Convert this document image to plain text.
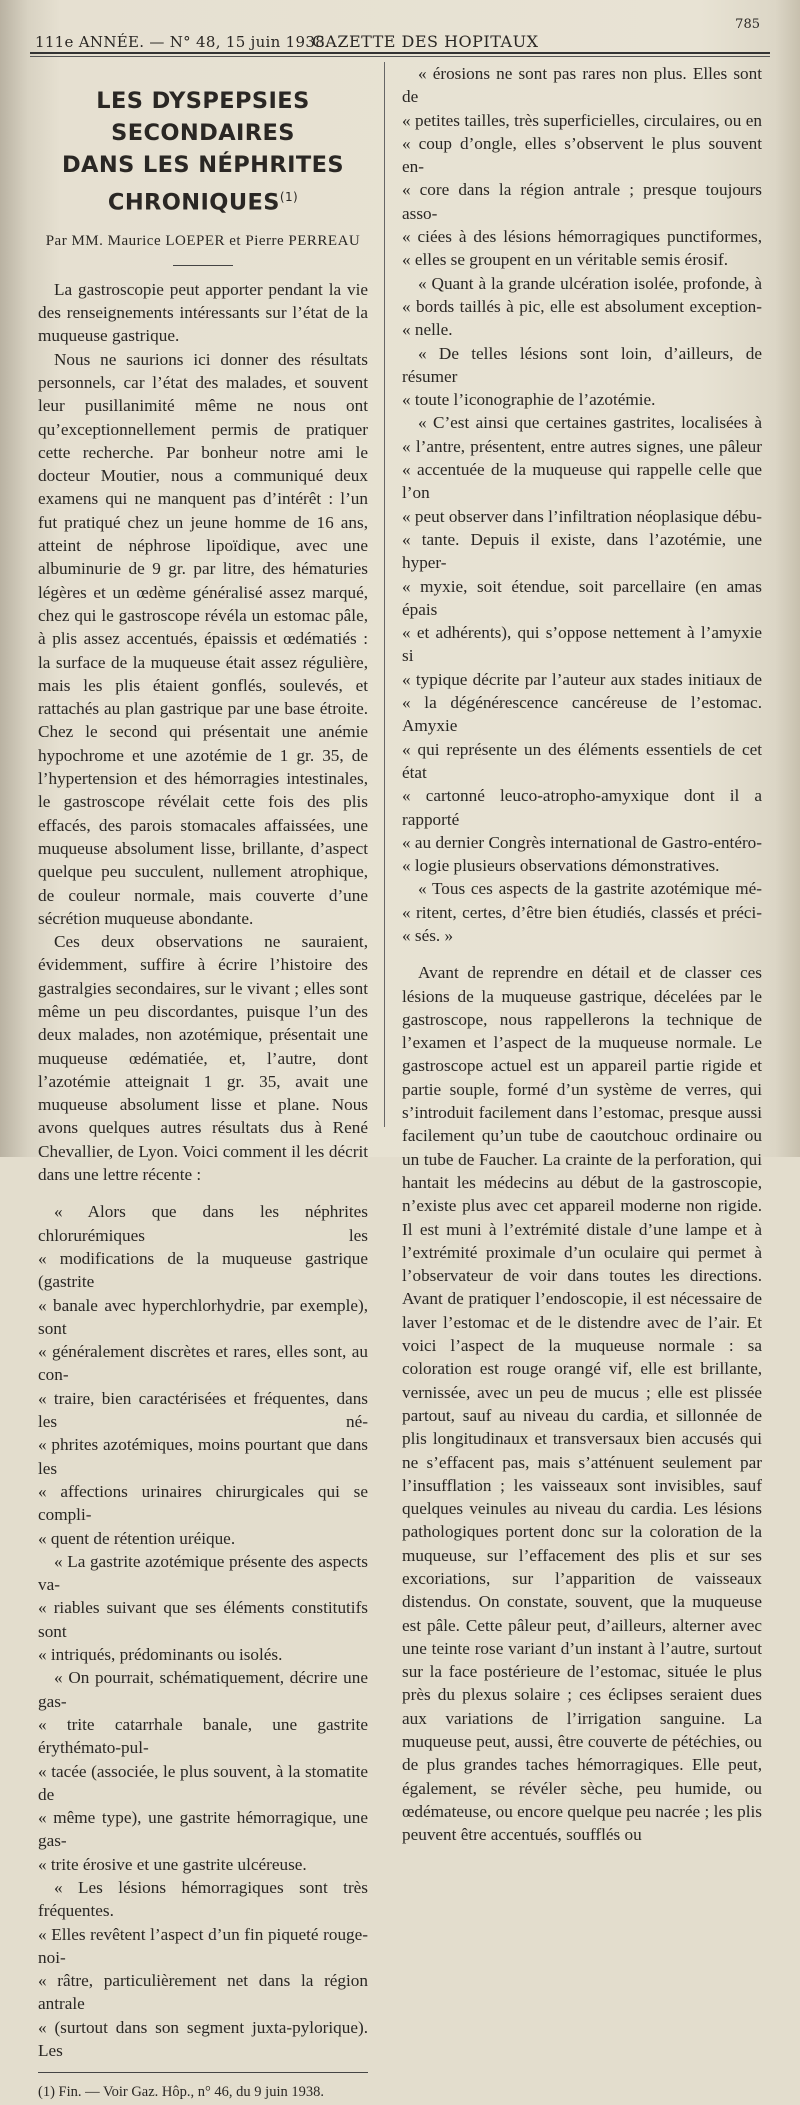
111e ANNÉE. — N° 48, 15 juin 1938.
GAZETTE DES HOPITAUX
785
LES DYSPEPSIES SECONDAIRES
DANS LES NÉPHRITES CHRONIQUES$^{(1)}$
Par MM. Maurice LOEPER et Pierre PERREAU

La gastroscopie peut apporter pendant la vie des renseignements intéressants sur l’état de la muqueuse gastrique.

Nous ne saurions ici donner des résultats personnels, car l’état des malades, et souvent leur pusillanimité même ne nous ont qu’exceptionnellement permis de pratiquer cette recherche. Par bonheur notre ami le docteur Moutier, nous a communiqué deux examens qui ne manquent pas d’intérêt : l’un fut pratiqué chez un jeune homme de 16 ans, atteint de néphrose lipoïdique, avec une albuminurie de 9 gr. par litre, des hématuries légères et un œdème généralisé assez marqué, chez qui le gastroscope révéla un estomac pâle, à plis assez accentués, épaissis et œdématiés : la surface de la muqueuse était assez régulière, mais les plis étaient gonflés, soulevés, et rattachés au plan gastrique par une base étroite. Chez le second qui présentait une anémie hypochrome et une azotémie de 1 gr. 35, de l’hypertension et des hémorragies intestinales, le gastroscope révélait cette fois des plis effacés, des parois stomacales affaissées, une muqueuse absolument lisse, brillante, d’aspect quelque peu succulent, nullement atrophique, de couleur normale, mais couverte d’une sécrétion muqueuse abondante.

Ces deux observations ne sauraient, évidemment, suffire à écrire l’histoire des gastralgies secondaires, sur le vivant ; elles sont même un peu discordantes, puisque l’un des deux malades, non azotémique, présentait une muqueuse œdématiée, et, l’autre, dont l’azotémie atteignait 1 gr. 35, avait une muqueuse absolument lisse et plane. Nous avons quelques autres résultats dus à René Chevallier, de Lyon. Voici comment il les décrit dans une lettre récente :

« Alors que dans les néphrites chlorurémiques les
« modifications de la muqueuse gastrique (gastrite
« banale avec hyperchlorhydrie, par exemple), sont
« généralement discrètes et rares, elles sont, au con-
« traire, bien caractérisées et fréquentes, dans les né-
« phrites azotémiques, moins pourtant que dans les
« affections urinaires chirurgicales qui se compli-
« quent de rétention uréique.
« La gastrite azotémique présente des aspects va-
« riables suivant que ses éléments constitutifs sont
« intriqués, prédominants ou isolés.
« On pourrait, schématiquement, décrire une gas-
« trite catarrhale banale, une gastrite érythémato-pul-
« tacée (associée, le plus souvent, à la stomatite de
« même type), une gastrite hémorragique, une gas-
« trite érosive et une gastrite ulcéreuse.
« Les lésions hémorragiques sont très fréquentes.
« Elles revêtent l’aspect d’un fin piqueté rouge-noi-
« râtre, particulièrement net dans la région antrale
« (surtout dans son segment juxta-pylorique). Les

(1) Fin. — Voir Gaz. Hôp., n° 46, du 9 juin 1938.

« érosions ne sont pas rares non plus. Elles sont de
« petites tailles, très superficielles, circulaires, ou en
« coup d’ongle, elles s’observent le plus souvent en-
« core dans la région antrale ; presque toujours asso-
« ciées à des lésions hémorragiques punctiformes,
« elles se groupent en un véritable semis érosif.
« Quant à la grande ulcération isolée, profonde, à
« bords taillés à pic, elle est absolument exception-
« nelle.
« De telles lésions sont loin, d’ailleurs, de résumer
« toute l’iconographie de l’azotémie.
« C’est ainsi que certaines gastrites, localisées à
« l’antre, présentent, entre autres signes, une pâleur
« accentuée de la muqueuse qui rappelle celle que l’on
« peut observer dans l’infiltration néoplasique débu-
« tante. Depuis il existe, dans l’azotémie, une hyper-
« myxie, soit étendue, soit parcellaire (en amas épais
« et adhérents), qui s’oppose nettement à l’amyxie si
« typique décrite par l’auteur aux stades initiaux de
« la dégénérescence cancéreuse de l’estomac. Amyxie
« qui représente un des éléments essentiels de cet état
« cartonné leuco-atropho-amyxique dont il a rapporté
« au dernier Congrès international de Gastro-entéro-
« logie plusieurs observations démonstratives.
« Tous ces aspects de la gastrite azotémique mé-
« ritent, certes, d’être bien étudiés, classés et préci-
« sés. »

Avant de reprendre en détail et de classer ces lésions de la muqueuse gastrique, décelées par le gastroscope, nous rappellerons la technique de l’examen et l’aspect de la muqueuse normale. Le gastroscope actuel est un appareil partie rigide et partie souple, formé d’un système de verres, qui s’introduit facilement dans l’estomac, presque aussi facilement qu’un tube de caoutchouc ordinaire ou un tube de Faucher. La crainte de la perforation, qui hantait les médecins au début de la gastroscopie, n’existe plus avec cet appareil moderne non rigide. Il est muni à l’extrémité distale d’une lampe et à l’extrémité proximale d’un oculaire qui permet à l’observateur de voir dans toutes les directions. Avant de pratiquer l’endoscopie, il est nécessaire de laver l’estomac et de le distendre avec de l’air. Et voici l’aspect de la muqueuse normale : sa coloration est rouge orangé vif, elle est brillante, vernissée, avec un peu de mucus ; elle est plissée partout, sauf au niveau du cardia, et sillonnée de plis longitudinaux et transversaux bien accusés qui ne s’effacent pas, mais s’atténuent seulement par l’insufflation ; les vaisseaux sont invisibles, sauf quelques veinules au niveau du cardia. Les lésions pathologiques portent donc sur la coloration de la muqueuse, sur l’effacement des plis et sur ses excoriations, sur l’apparition de vaisseaux distendus. On constate, souvent, que la muqueuse est pâle. Cette pâleur peut, d’ailleurs, alterner avec une teinte rose variant d’un instant à l’autre, surtout sur la face postérieure de l’estomac, située le plus près du plexus solaire ; ces éclipses seraient dues aux variations de l’irrigation sanguine. La muqueuse peut, aussi, être couverte de pétéchies, ou de plus grandes taches hémorragiques. Elle peut, également, se révéler sèche, peu humide, ou œdémateuse, ou encore quelque peu nacrée ; les plis peuvent être accentués, soufflés ou
